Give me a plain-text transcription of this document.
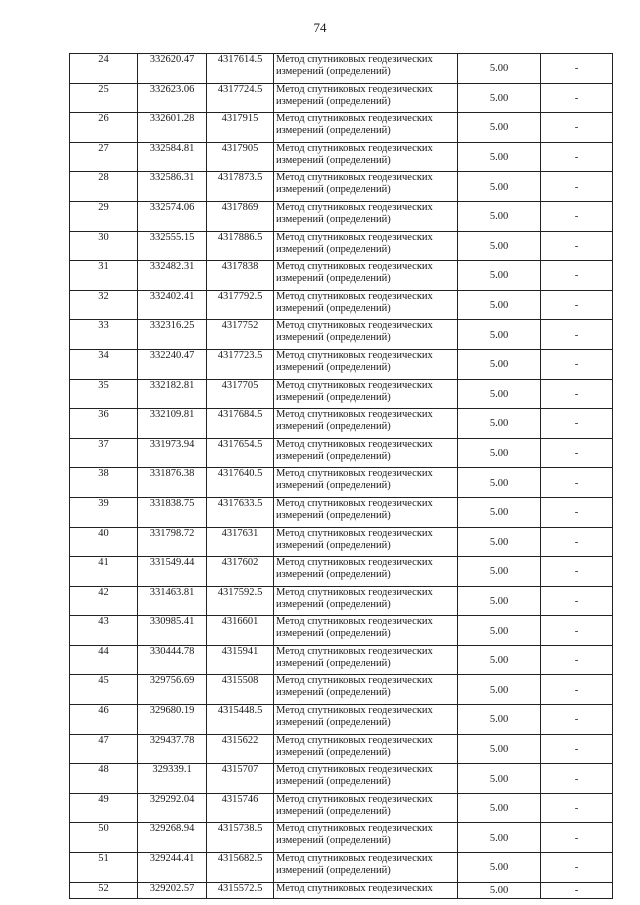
74
24	332620.47	4317614.5	Метод спутниковых геодезических
измерений (определений)	5.00	-
25	332623.06	4317724.5	Метод спутниковых геодезических
измерений (определений)	5.00	-
26	332601.28	4317915	Метод спутниковых геодезических
измерений (определений)	5.00	-
27	332584.81	4317905	Метод спутниковых геодезических
измерений (определений)	5.00	-
28	332586.31	4317873.5	Метод спутниковых геодезических
измерений (определений)	5.00	-
29	332574.06	4317869	Метод спутниковых геодезических
измерений (определений)	5.00	-
30	332555.15	4317886.5	Метод спутниковых геодезических
измерений (определений)	5.00	-
31	332482.31	4317838	Метод спутниковых геодезических
измерений (определений)	5.00	-
32	332402.41	4317792.5	Метод спутниковых геодезических
измерений (определений)	5.00	-
33	332316.25	4317752	Метод спутниковых геодезических
измерений (определений)	5.00	-
34	332240.47	4317723.5	Метод спутниковых геодезических
измерений (определений)	5.00	-
35	332182.81	4317705	Метод спутниковых геодезических
измерений (определений)	5.00	-
36	332109.81	4317684.5	Метод спутниковых геодезических
измерений (определений)	5.00	-
37	331973.94	4317654.5	Метод спутниковых геодезических
измерений (определений)	5.00	-
38	331876.38	4317640.5	Метод спутниковых геодезических
измерений (определений)	5.00	-
39	331838.75	4317633.5	Метод спутниковых геодезических
измерений (определений)	5.00	-
40	331798.72	4317631	Метод спутниковых геодезических
измерений (определений)	5.00	-
41	331549.44	4317602	Метод спутниковых геодезических
измерений (определений)	5.00	-
42	331463.81	4317592.5	Метод спутниковых геодезических
измерений (определений)	5.00	-
43	330985.41	4316601	Метод спутниковых геодезических
измерений (определений)	5.00	-
44	330444.78	4315941	Метод спутниковых геодезических
измерений (определений)	5.00	-
45	329756.69	4315508	Метод спутниковых геодезических
измерений (определений)	5.00	-
46	329680.19	4315448.5	Метод спутниковых геодезических
измерений (определений)	5.00	-
47	329437.78	4315622	Метод спутниковых геодезических
измерений (определений)	5.00	-
48	329339.1	4315707	Метод спутниковых геодезических
измерений (определений)	5.00	-
49	329292.04	4315746	Метод спутниковых геодезических
измерений (определений)	5.00	-
50	329268.94	4315738.5	Метод спутниковых геодезических
измерений (определений)	5.00	-
51	329244.41	4315682.5	Метод спутниковых геодезических
измерений (определений)	5.00	-
52	329202.57	4315572.5	Метод спутниковых геодезических	5.00	-
